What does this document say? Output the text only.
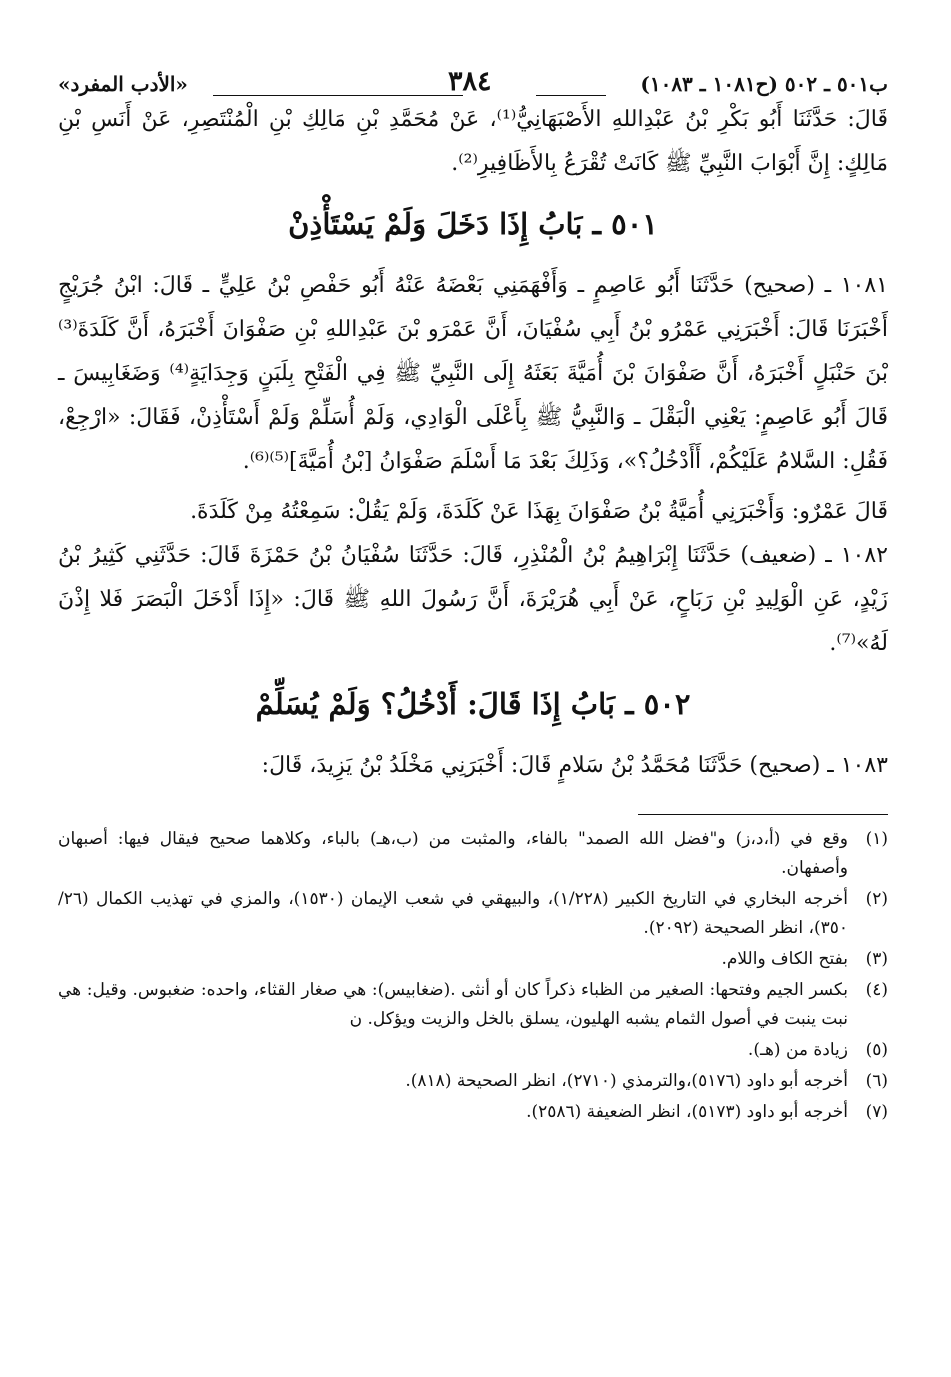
ب٥٠١ ـ ٥٠٢ (ح١٠٨١ ـ ١٠٨٣)
٣٨٤
«الأدب المفرد»

قَالَ: حَدَّثَنَا أَبُو بَكْرِ بْنُ عَبْدِاللهِ الأَصْبَهَانِيُّ⁽¹⁾، عَنْ مُحَمَّدِ بْنِ مَالِكِ بْنِ الْمُنْتَصِرِ، عَنْ أَنَسِ بْنِ مَالِكٍ: إِنَّ أَبْوَابَ النَّبِيِّ ﷺ كَانَتْ تُقْرَعُ بِالأَظَافِيرِ⁽²⁾.

٥٠١ ـ بَابُ إِذَا دَخَلَ وَلَمْ يَسْتَأْذِنْ

١٠٨١ ـ (صحيح) حَدَّثَنَا أَبُو عَاصِمٍ ـ وَأَفْهَمَنِي بَعْضَهُ عَنْهُ أَبُو حَفْصِ بْنُ عَلِيٍّ ـ قَالَ: ابْنُ جُرَيْجٍ أَخْبَرَنَا قَالَ: أَخْبَرَنِي عَمْرُو بْنُ أَبِي سُفْيَانَ، أَنَّ عَمْرَو بْنَ عَبْدِاللهِ بْنِ صَفْوَانَ أَخْبَرَهُ، أَنَّ كَلَدَةَ⁽³⁾ بْنَ حَنْبَلٍ أَخْبَرَهُ، أَنَّ صَفْوَانَ بْنَ أُمَيَّةَ بَعَثَهُ إِلَى النَّبِيِّ ﷺ فِي الْفَتْحِ بِلَبَنٍ وَجِدَايَةٍ⁽⁴⁾ وَضَغَابِيسَ ـ قَالَ أَبُو عَاصِمٍ: يَعْنِي الْبَقْلَ ـ وَالنَّبِيُّ ﷺ بِأَعْلَى الْوَادِي، وَلَمْ أُسَلِّمْ وَلَمْ أَسْتَأْذِنْ، فَقَالَ: «ارْجِعْ، فَقُلِ: السَّلامُ عَلَيْكُمْ، أَأَدْخُلُ؟»، وَذَلِكَ بَعْدَ مَا أَسْلَمَ صَفْوَانُ [بْنُ أُمَيَّةَ]⁽⁵⁾⁽⁶⁾.

قَالَ عَمْرٌو: وَأَخْبَرَنِي أُمَيَّةُ بْنُ صَفْوَانَ بِهَذَا عَنْ كَلَدَةَ، وَلَمْ يَقُلْ: سَمِعْتُهُ مِنْ كَلَدَةَ.

١٠٨٢ ـ (ضعيف) حَدَّثَنَا إِبْرَاهِيمُ بْنُ الْمُنْذِرِ، قَالَ: حَدَّثَنَا سُفْيَانُ بْنُ حَمْزَةَ قَالَ: حَدَّثَنِي كَثِيرُ بْنُ زَيْدٍ، عَنِ الْوَلِيدِ بْنِ رَبَاحٍ، عَنْ أَبِي هُرَيْرَةَ، أَنَّ رَسُولَ اللهِ ﷺ قَالَ: «إِذَا أَدْخَلَ الْبَصَرَ فَلا إِذْنَ لَهُ»⁽⁷⁾.

٥٠٢ ـ بَابُ إِذَا قَالَ: أَدْخُلُ؟ وَلَمْ يُسَلِّمْ

١٠٨٣ ـ (صحيح) حَدَّثَنَا مُحَمَّدُ بْنُ سَلامٍ قَالَ: أَخْبَرَنِي مَخْلَدُ بْنُ يَزِيدَ، قَالَ:

(١)
وقع في (أ،د،ز) و"فضل الله الصمد" بالفاء، والمثبت من (ب،هـ) بالباء، وكلاهما صحيح فيقال فيها: أصبهان وأصفهان.
(٢)
أخرجه البخاري في التاريخ الكبير (١/٢٢٨)، والبيهقي في شعب الإيمان (١٥٣٠)، والمزي في تهذيب الكمال (٢٦/ ٣٥٠)، انظر الصحيحة (٢٠٩٢).
(٣)
بفتح الكاف واللام.
(٤)
بكسر الجيم وفتحها: الصغير من الظباء ذكراً كان أو أنثى .(ضغابيس): هي صغار القثاء، واحده: ضغبوس. وقيل: هي نبت ينبت في أصول الثمام يشبه الهليون، يسلق بالخل والزيت ويؤكل. ن
(٥)
زيادة من (هـ).
(٦)
أخرجه أبو داود (٥١٧٦)،والترمذي (٢٧١٠)، انظر الصحيحة (٨١٨).
(٧)
أخرجه أبو داود (٥١٧٣)، انظر الضعيفة (٢٥٨٦).
